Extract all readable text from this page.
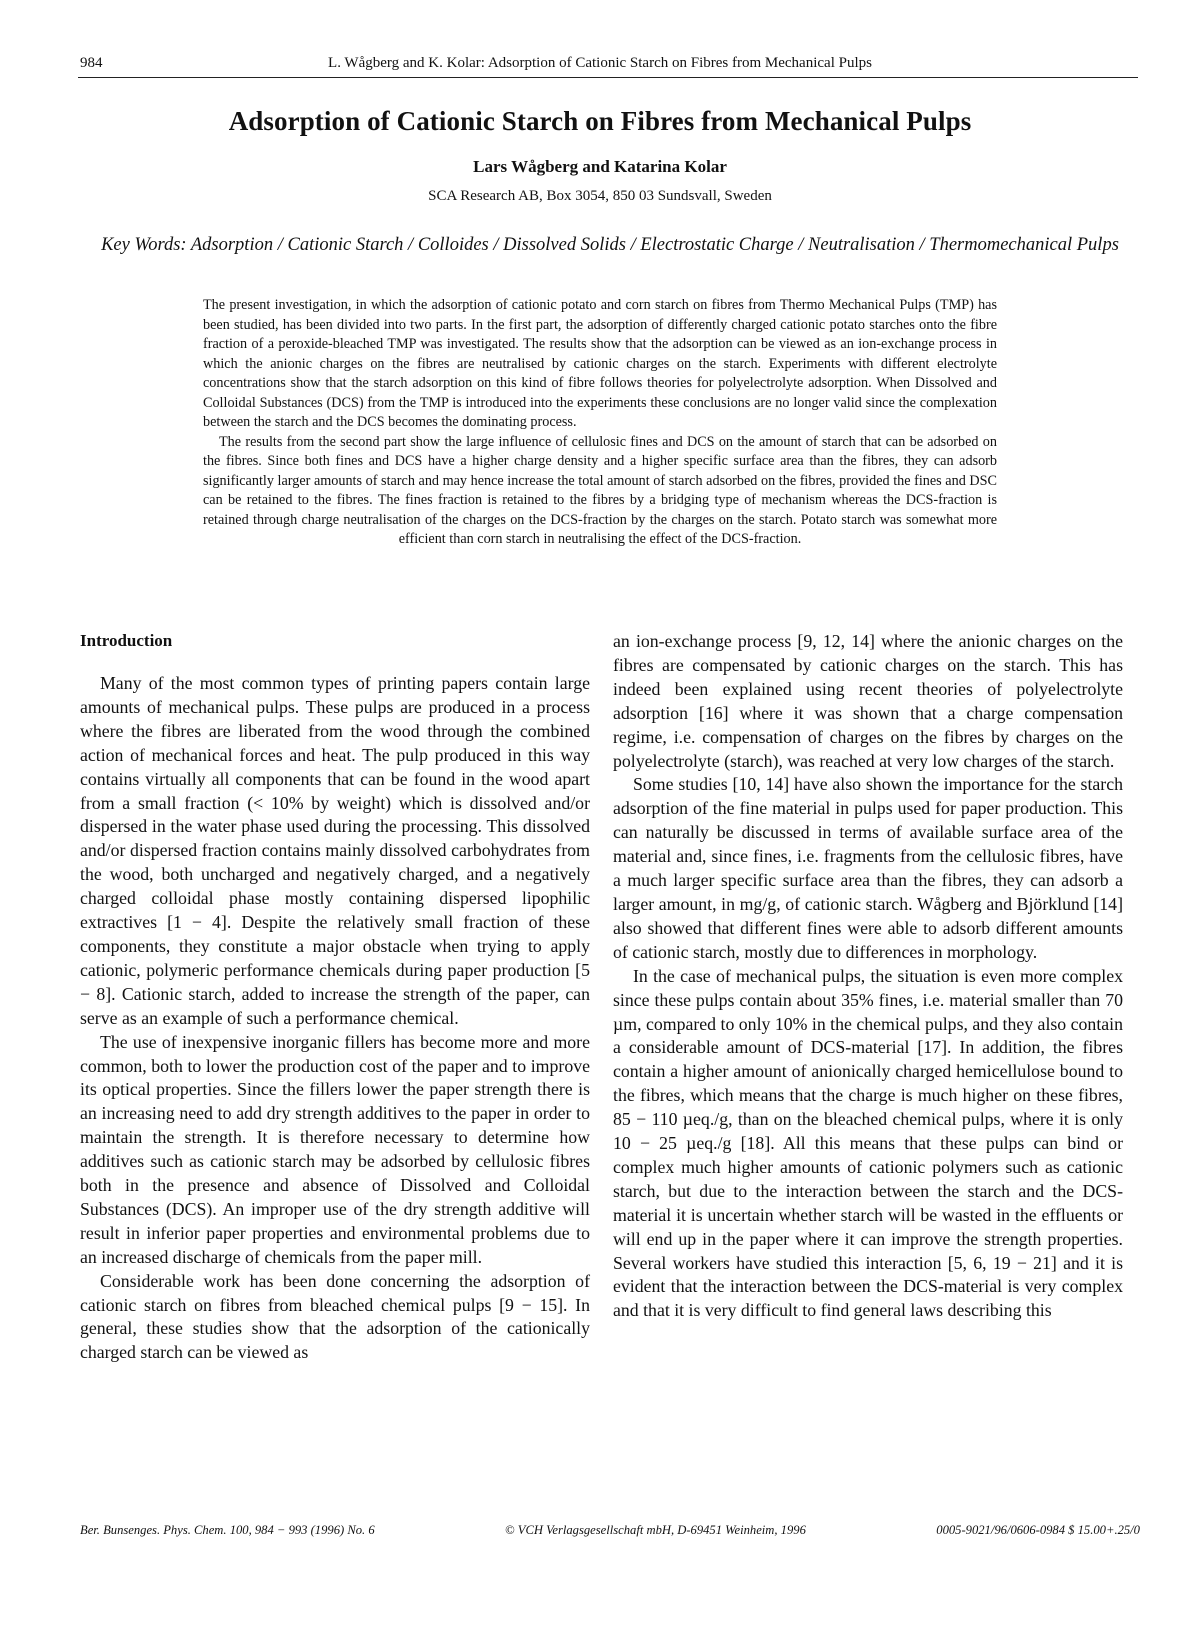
984	L. Wågberg and K. Kolar: Adsorption of Cationic Starch on Fibres from Mechanical Pulps
Adsorption of Cationic Starch on Fibres from Mechanical Pulps
Lars Wågberg and Katarina Kolar
SCA Research AB, Box 3054, 850 03 Sundsvall, Sweden
Key Words: Adsorption / Cationic Starch / Colloides / Dissolved Solids / Electrostatic Charge / Neutralisation / Thermomechanical Pulps

The present investigation, in which the adsorption of cationic potato and corn starch on fibres from Thermo Mechanical Pulps (TMP) has been studied, has been divided into two parts. In the first part, the adsorption of differently charged cationic potato starches onto the fibre fraction of a peroxide-bleached TMP was investigated. The results show that the adsorption can be viewed as an ion-exchange process in which the anionic charges on the fibres are neutralised by cationic charges on the starch. Experiments with different electrolyte concentrations show that the starch adsorption on this kind of fibre follows theories for polyelectrolyte adsorption. When Dissolved and Colloidal Substances (DCS) from the TMP is introduced into the experiments these conclusions are no longer valid since the complexation between the starch and the DCS becomes the dominating process.

The results from the second part show the large influence of cellulosic fines and DCS on the amount of starch that can be adsorbed on the fibres. Since both fines and DCS have a higher charge density and a higher specific surface area than the fibres, they can adsorb significantly larger amounts of starch and may hence increase the total amount of starch adsorbed on the fibres, provided the fines and DSC can be retained to the fibres. The fines fraction is retained to the fibres by a bridging type of mechanism whereas the DCS-fraction is retained through charge neutralisation of the charges on the DCS-fraction by the charges on the starch. Potato starch was somewhat more efficient than corn starch in neutralising the effect of the DCS-fraction.

Introduction

Many of the most common types of printing papers contain large amounts of mechanical pulps. These pulps are produced in a process where the fibres are liberated from the wood through the combined action of mechanical forces and heat. The pulp produced in this way contains virtually all components that can be found in the wood apart from a small fraction (< 10% by weight) which is dissolved and/or dispersed in the water phase used during the processing. This dissolved and/or dispersed fraction contains mainly dissolved carbohydrates from the wood, both uncharged and negatively charged, and a negatively charged colloidal phase mostly containing dispersed lipophilic extractives [1 − 4]. Despite the relatively small fraction of these components, they constitute a major obstacle when trying to apply cationic, polymeric performance chemicals during paper production [5 − 8]. Cationic starch, added to increase the strength of the paper, can serve as an example of such a performance chemical.

The use of inexpensive inorganic fillers has become more and more common, both to lower the production cost of the paper and to improve its optical properties. Since the fillers lower the paper strength there is an increasing need to add dry strength additives to the paper in order to maintain the strength. It is therefore necessary to determine how additives such as cationic starch may be adsorbed by cellulosic fibres both in the presence and absence of Dissolved and Colloidal Substances (DCS). An improper use of the dry strength additive will result in inferior paper properties and environmental problems due to an increased discharge of chemicals from the paper mill.

Considerable work has been done concerning the adsorption of cationic starch on fibres from bleached chemical pulps [9 − 15]. In general, these studies show that the adsorption of the cationically charged starch can be viewed as

an ion-exchange process [9, 12, 14] where the anionic charges on the fibres are compensated by cationic charges on the starch. This has indeed been explained using recent theories of polyelectrolyte adsorption [16] where it was shown that a charge compensation regime, i.e. compensation of charges on the fibres by charges on the polyelectrolyte (starch), was reached at very low charges of the starch.

Some studies [10, 14] have also shown the importance for the starch adsorption of the fine material in pulps used for paper production. This can naturally be discussed in terms of available surface area of the material and, since fines, i.e. fragments from the cellulosic fibres, have a much larger specific surface area than the fibres, they can adsorb a larger amount, in mg/g, of cationic starch. Wågberg and Björklund [14] also showed that different fines were able to adsorb different amounts of cationic starch, mostly due to differences in morphology.

In the case of mechanical pulps, the situation is even more complex since these pulps contain about 35% fines, i.e. material smaller than 70 µm, compared to only 10% in the chemical pulps, and they also contain a considerable amount of DCS-material [17]. In addition, the fibres contain a higher amount of anionically charged hemicellulose bound to the fibres, which means that the charge is much higher on these fibres, 85 − 110 µeq./g, than on the bleached chemical pulps, where it is only 10 − 25 µeq./g [18]. All this means that these pulps can bind or complex much higher amounts of cationic polymers such as cationic starch, but due to the interaction between the starch and the DCS-material it is uncertain whether starch will be wasted in the effluents or will end up in the paper where it can improve the strength properties. Several workers have studied this interaction [5, 6, 19 − 21] and it is evident that the interaction between the DCS-material is very complex and that it is very difficult to find general laws describing this

Ber. Bunsenges. Phys. Chem. 100, 984 − 993 (1996) No. 6	© VCH Verlagsgesellschaft mbH, D-69451 Weinheim, 1996	0005-9021/96/0606-0984 $ 15.00+.25/0
